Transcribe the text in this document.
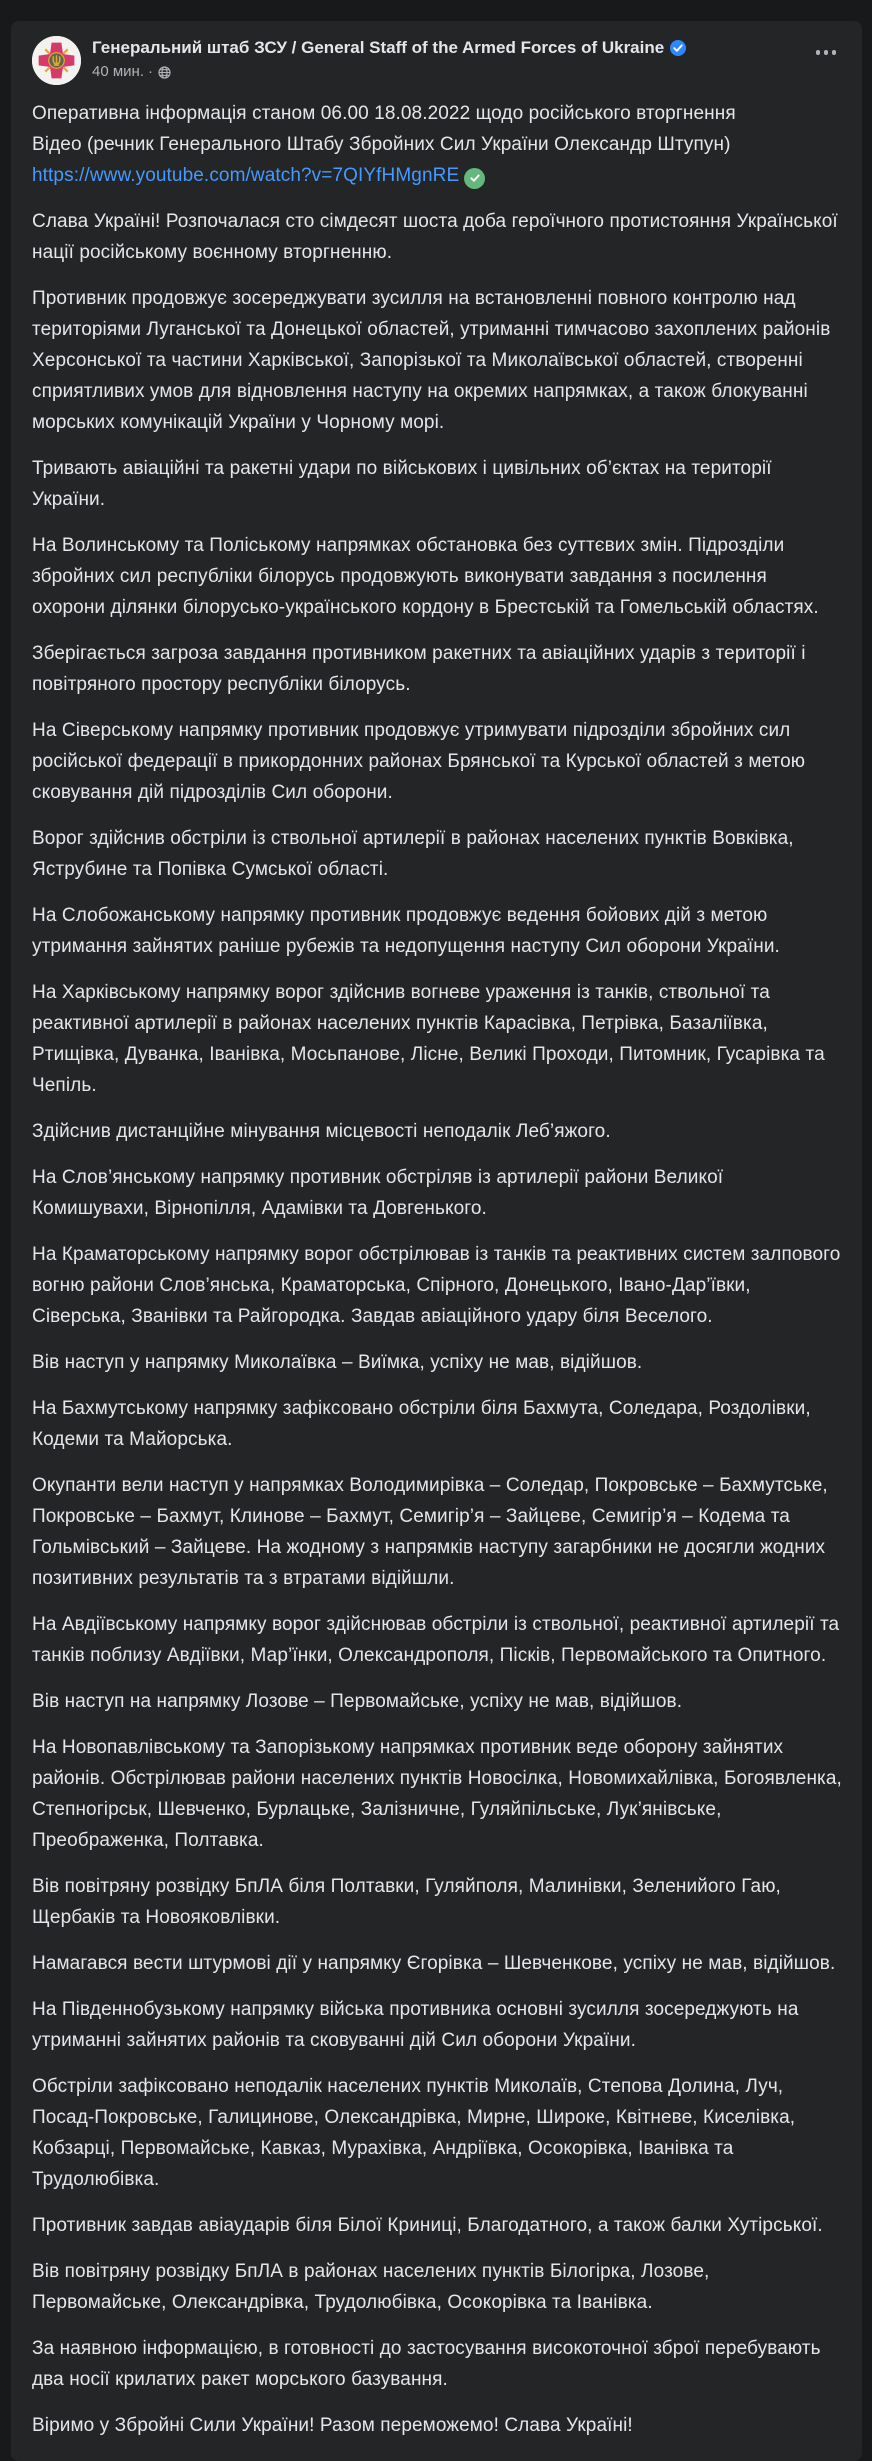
Генеральний штаб ЗСУ / General Staff of the Armed Forces of Ukraine
40 мин. ·

Оперативна інформація станом 06.00 18.08.2022 щодо російського вторгнення
Відео (речник Генерального Штабу Збройних Сил України Олександр Штупун)
https://www.youtube.com/watch?v=7QIYfHMgnRE

Слава Україні! Розпочалася сто сімдесят шоста доба героїчного протистояння Української нації російському воєнному вторгненню.

Противник продовжує зосереджувати зусилля на встановленні повного контролю над територіями Луганської та Донецької областей, утриманні тимчасово захоплених районів Херсонської та частини Харківської, Запорізької та Миколаївської областей, створенні сприятливих умов для відновлення наступу на окремих напрямках, а також блокуванні морських комунікацій України у Чорному морі.

Тривають авіаційні та ракетні удари по військових і цивільних об’єктах на території України.

На Волинському та Поліському напрямках обстановка без суттєвих змін. Підрозділи збройних сил республіки білорусь продовжують виконувати завдання з посилення охорони ділянки білорусько-українського кордону в Брестській та Гомельській областях.

Зберігається загроза завдання противником ракетних та авіаційних ударів з території і повітряного простору республіки білорусь.

На Сіверському напрямку противник продовжує утримувати підрозділи збройних сил російської федерації в прикордонних районах Брянської та Курської областей з метою сковування дій підрозділів Сил оборони.

Ворог здійснив обстріли із ствольної артилерії в районах населених пунктів Вовківка, Яструбине та Попівка Сумської області.

На Слобожанському напрямку противник продовжує ведення бойових дій з метою утримання зайнятих раніше рубежів та недопущення наступу Сил оборони України.

На Харківському напрямку ворог здійснив вогневе ураження із танків, ствольної та реактивної артилерії в районах населених пунктів Карасівка, Петрівка, Базаліївка, Ртищівка, Дуванка, Іванівка, Мосьпанове, Лісне, Великі Проходи, Питомник, Гусарівка та Чепіль.

Здійснив дистанційне мінування місцевості неподалік Леб’яжого.

На Слов’янському напрямку противник обстріляв із артилерії райони Великої Комишувахи, Вірнопілля, Адамівки та Довгенького.

На Краматорському напрямку ворог обстрілював із танків та реактивних систем залпового вогню райони Слов’янська, Краматорська, Спірного, Донецького, Івано-Дар’ївки, Сіверська, Званівки та Райгородка. Завдав авіаційного удару біля Веселого.

Вів наступ у напрямку Миколаївка – Виїмка, успіху не мав, відійшов.

На Бахмутському напрямку зафіксовано обстріли біля Бахмута, Соледара, Роздолівки, Кодеми та Майорська.

Окупанти вели наступ у напрямках Володимирівка – Соледар, Покровське – Бахмутське, Покровське – Бахмут, Клинове – Бахмут, Семигір’я – Зайцеве, Семигір’я – Кодема та Гольмівський – Зайцеве. На жодному з напрямків наступу загарбники не досягли жодних позитивних результатів та з втратами відійшли.

На Авдіївському напрямку ворог здійснював обстріли із ствольної, реактивної артилерії та танків поблизу Авдіївки, Мар’їнки, Олександрополя, Пісків, Первомайського та Опитного.

Вів наступ на напрямку Лозове – Первомайське, успіху не мав, відійшов.

На Новопавлівському та Запорізькому напрямках противник веде оборону зайнятих районів. Обстрілював райони населених пунктів Новосілка, Новомихайлівка, Богоявленка, Степногірськ, Шевченко, Бурлацьке, Залізничне, Гуляйпільське, Лук’янівське, Преображенка, Полтавка.

Вів повітряну розвідку БпЛА біля Полтавки, Гуляйполя, Малинівки, Зеленийого Гаю, Щербаків та Новояковлівки.

Намагався вести штурмові дії у напрямку Єгорівка – Шевченкове, успіху не мав, відійшов.

На Південнобузькому напрямку війська противника основні зусилля зосереджують на утриманні зайнятих районів та сковуванні дій Сил оборони України.

Обстріли зафіксовано неподалік населених пунктів Миколаїв, Степова Долина, Луч, Посад-Покровське, Галицинове, Олександрівка, Мирне, Широке, Квітневе, Киселівка, Кобзарці, Первомайське, Кавказ, Мурахівка, Андріївка, Осокорівка, Іванівка та Трудолюбівка.

Противник завдав авіаударів біля Білої Криниці, Благодатного, а також балки Хутірської.

Вів повітряну розвідку БпЛА в районах населених пунктів Білогірка, Лозове, Первомайське, Олександрівка, Трудолюбівка, Осокорівка та Іванівка.

За наявною інформацією, в готовності до застосування високоточної зброї перебувають два носії крилатих ракет морського базування.

Віримо у Збройні Сили України! Разом переможемо! Слава Україні!
